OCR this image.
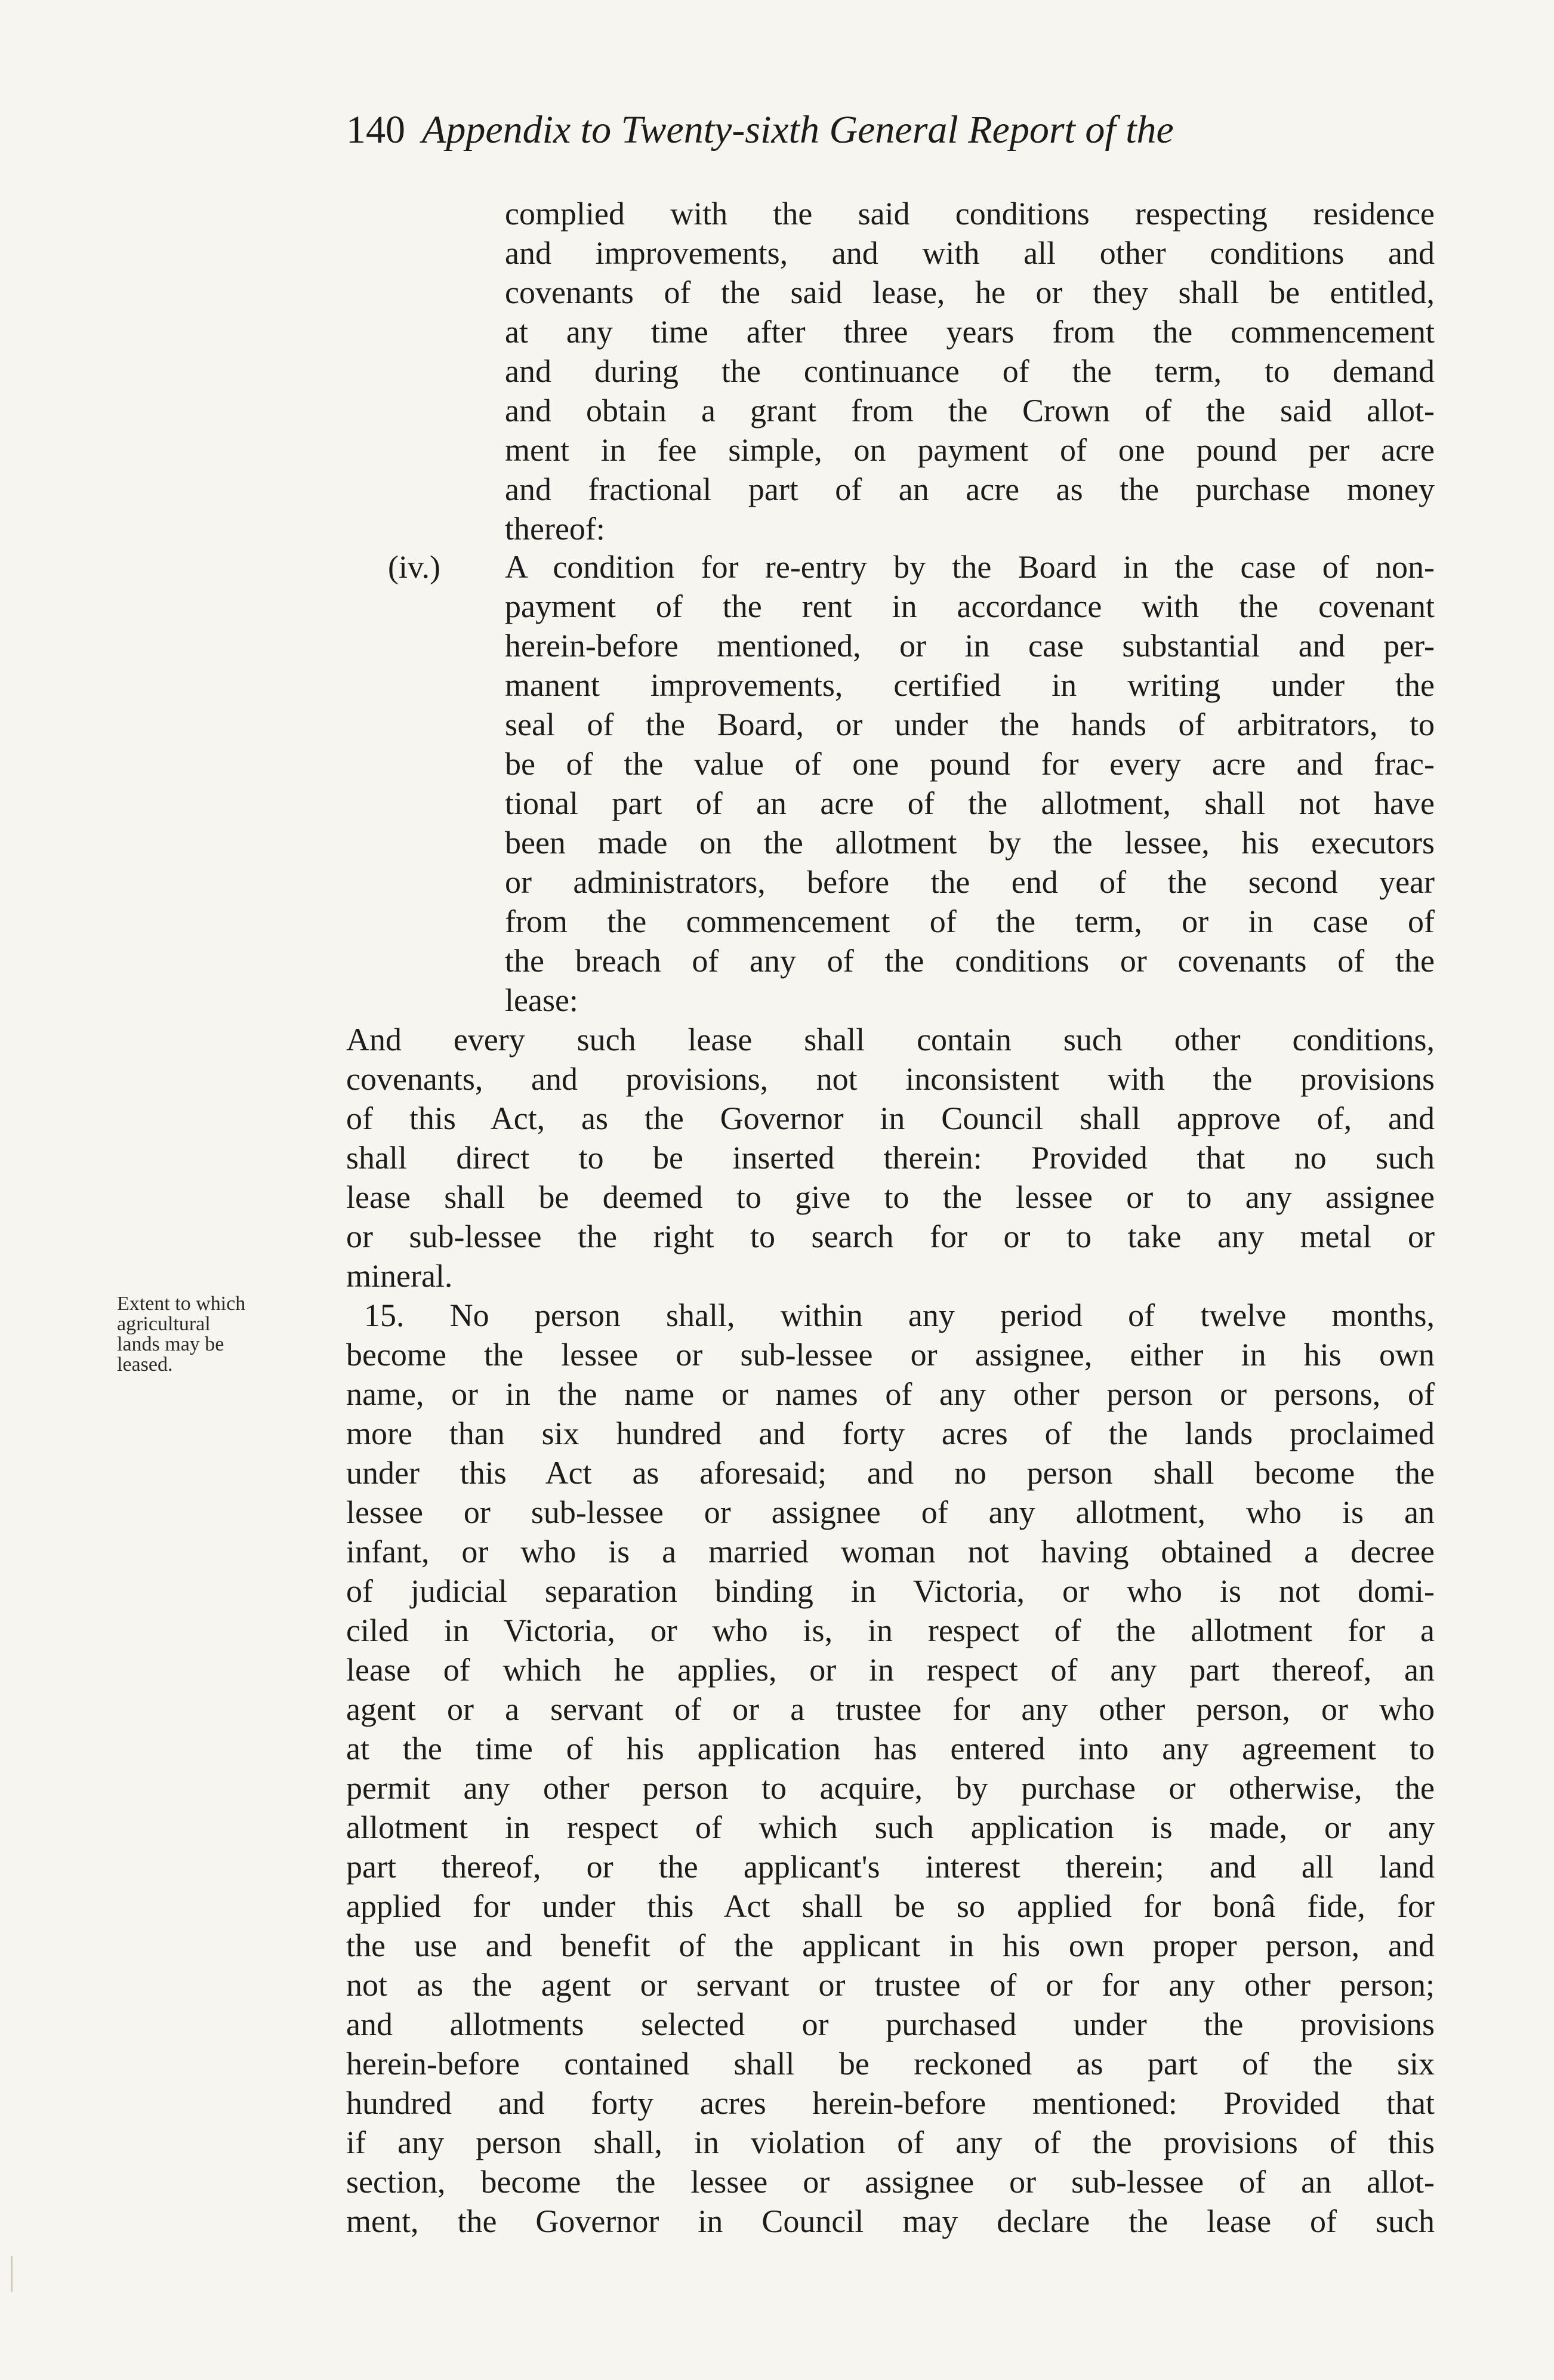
140 Appendix to Twenty-sixth General Report of the
complied with the said conditions respecting residence
and improvements, and with all other conditions and
covenants of the said lease, he or they shall be entitled,
at any time after three years from the commencement
and during the continuance of the term, to demand
and obtain a grant from the Crown of the said allot-
ment in fee simple, on payment of one pound per acre
and fractional part of an acre as the purchase money
thereof:
(iv.) A condition for re-entry by the Board in the case of non-
payment of the rent in accordance with the covenant
herein-before mentioned, or in case substantial and per-
manent improvements, certified in writing under the
seal of the Board, or under the hands of arbitrators, to
be of the value of one pound for every acre and frac-
tional part of an acre of the allotment, shall not have
been made on the allotment by the lessee, his executors
or administrators, before the end of the second year
from the commencement of the term, or in case of
the breach of any of the conditions or covenants of the
lease:
And every such lease shall contain such other conditions,
covenants, and provisions, not inconsistent with the provisions
of this Act, as the Governor in Council shall approve of, and
shall direct to be inserted therein: Provided that no such
lease shall be deemed to give to the lessee or to any assignee
or sub-lessee the right to search for or to take any metal or
mineral.
Extent to which
agricultural
lands may be
leased.
15. No person shall, within any period of twelve months,
become the lessee or sub-lessee or assignee, either in his own
name, or in the name or names of any other person or persons, of
more than six hundred and forty acres of the lands proclaimed
under this Act as aforesaid; and no person shall become the
lessee or sub-lessee or assignee of any allotment, who is an
infant, or who is a married woman not having obtained a decree
of judicial separation binding in Victoria, or who is not domi-
ciled in Victoria, or who is, in respect of the allotment for a
lease of which he applies, or in respect of any part thereof, an
agent or a servant of or a trustee for any other person, or who
at the time of his application has entered into any agreement to
permit any other person to acquire, by purchase or otherwise, the
allotment in respect of which such application is made, or any
part thereof, or the applicant's interest therein; and all land
applied for under this Act shall be so applied for bonâ fide, for
the use and benefit of the applicant in his own proper person, and
not as the agent or servant or trustee of or for any other person;
and allotments selected or purchased under the provisions
herein-before contained shall be reckoned as part of the six
hundred and forty acres herein-before mentioned: Provided that
if any person shall, in violation of any of the provisions of this
section, become the lessee or assignee or sub-lessee of an allot-
ment, the Governor in Council may declare the lease of such
